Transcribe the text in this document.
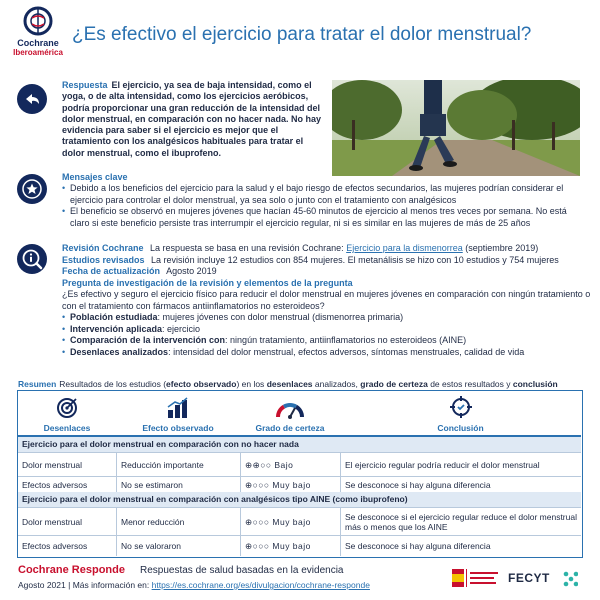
Cochrane
Iberoamérica
¿Es efectivo el ejercicio para tratar el dolor menstrual?
Respuesta El ejercicio, ya sea de baja intensidad, como el yoga, o de alta intensidad, como los ejercicios aeróbicos, podría proporcionar una gran reducción de la intensidad del dolor menstrual, en comparación con no hacer nada. No hay evidencia para saber si el ejercicio es mejor que el tratamiento con los analgésicos habituales para tratar el dolor menstrual, como el ibuprofeno.
Mensajes clave
• Debido a los beneficios del ejercicio para la salud y el bajo riesgo de efectos secundarios, las mujeres podrían considerar el ejercicio para controlar el dolor menstrual, ya sea solo o junto con el tratamiento con analgésicos
• El beneficio se observó en mujeres jóvenes que hacían 45-60 minutos de ejercicio al menos tres veces por semana. No está claro si este beneficio persiste tras interrumpir el ejercicio regular, ni si es similar en las mujeres de más de 25 años
Revisión Cochrane La respuesta se basa en una revisión Cochrane: Ejercicio para la dismenorrea (septiembre 2019)
Estudios revisados La revisión incluye 12 estudios con 854 mujeres. El metanálisis se hizo con 10 estudios y 754 mujeres
Fecha de actualización Agosto 2019
Pregunta de investigación de la revisión y elementos de la pregunta
¿Es efectivo y seguro el ejercicio físico para reducir el dolor menstrual en mujeres jóvenes en comparación con ningún tratamiento o con el tratamiento con fármacos antiinflamatorios no esteroideos?
• Población estudiada: mujeres jóvenes con dolor menstrual (dismenorrea primaria)
• Intervención aplicada: ejercicio
• Comparación de la intervención con: ningún tratamiento, antiinflamatorios no esteroideos (AINE)
• Desenlaces analizados: intensidad del dolor menstrual, efectos adversos, síntomas menstruales, calidad de vida
Resumen Resultados de los estudios (efecto observado) en los desenlaces analizados, grado de certeza de estos resultados y conclusión
Desenlaces	Efecto observado	Grado de certeza	Conclusión
Ejercicio para el dolor menstrual en comparación con no hacer nada
Dolor menstrual	Reducción importante	⊕⊕○○ Bajo	El ejercicio regular podría reducir el dolor menstrual
Efectos adversos	No se estimaron	⊕○○○ Muy bajo	Se desconoce si hay alguna diferencia
Ejercicio para el dolor menstrual en comparación con analgésicos tipo AINE (como ibuprofeno)
Dolor menstrual	Menor reducción	⊕○○○ Muy bajo	Se desconoce si el ejercicio regular reduce el dolor menstrual más o menos que los AINE
Efectos adversos	No se valoraron	⊕○○○ Muy bajo	Se desconoce si hay alguna diferencia
Cochrane Responde Respuestas de salud basadas en la evidencia
Agosto 2021 | Más información en: https://es.cochrane.org/es/divulgacion/cochrane-responde	FECYT
